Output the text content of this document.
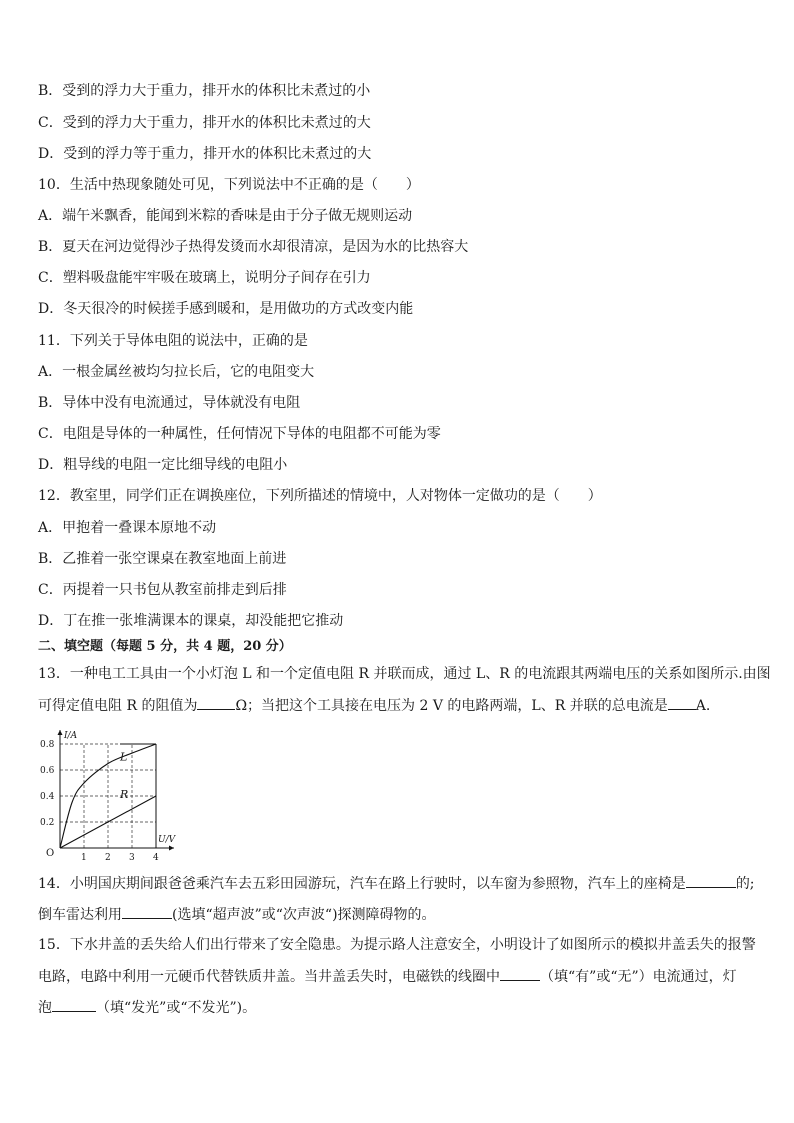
B．受到的浮力大于重力，排开水的体积比未煮过的小
C．受到的浮力大于重力，排开水的体积比未煮过的大
D．受到的浮力等于重力，排开水的体积比未煮过的大
10．生活中热现象随处可见，下列说法中不正确的是（　　）
A．端午米飘香，能闻到米粽的香味是由于分子做无规则运动
B．夏天在河边觉得沙子热得发烫而水却很清凉，是因为水的比热容大
C．塑料吸盘能牢牢吸在玻璃上，说明分子间存在引力
D．冬天很冷的时候搓手感到暖和，是用做功的方式改变内能
11．下列关于导体电阻的说法中，正确的是
A．一根金属丝被均匀拉长后，它的电阻变大
B．导体中没有电流通过，导体就没有电阻
C．电阻是导体的一种属性，任何情况下导体的电阻都不可能为零
D．粗导线的电阻一定比细导线的电阻小
12．教室里，同学们正在调换座位，下列所描述的情境中，人对物体一定做功的是（　　）
A．甲抱着一叠课本原地不动
B．乙推着一张空课桌在教室地面上前进
C．丙提着一只书包从教室前排走到后排
D．丁在推一张堆满课本的课桌，却没能把它推动
二、填空题（每题 5 分，共 4 题，20 分）
13．一种电工工具由一个小灯泡 L 和一个定值电阻 R 并联而成，通过 L、R 的电流跟其两端电压的关系如图所示.由图
可得定值电阻 R 的阻值为	Ω；当把这个工具接在电压为 2 V 的电路两端，L、R 并联的总电流是 A.
L
R
1 2 3 4
0.2
0.4
0.6
0.8
O
U/V
I/A
14．小明国庆期间跟爸爸乘汽车去五彩田园游玩，汽车在路上行驶时，以车窗为参照物，汽车上的座椅是	的;
倒车雷达利用	(选填“超声波”或“次声波“)探测障碍物的。
15．下水井盖的丢失给人们出行带来了安全隐患。为提示路人注意安全，小明设计了如图所示的模拟井盖丢失的报警
电路，电路中利用一元硬币代替铁质井盖。当井盖丢失时，电磁铁的线圈中	（填“有”或“无”）电流通过，灯
泡	（填“发光”或“不发光”)。
